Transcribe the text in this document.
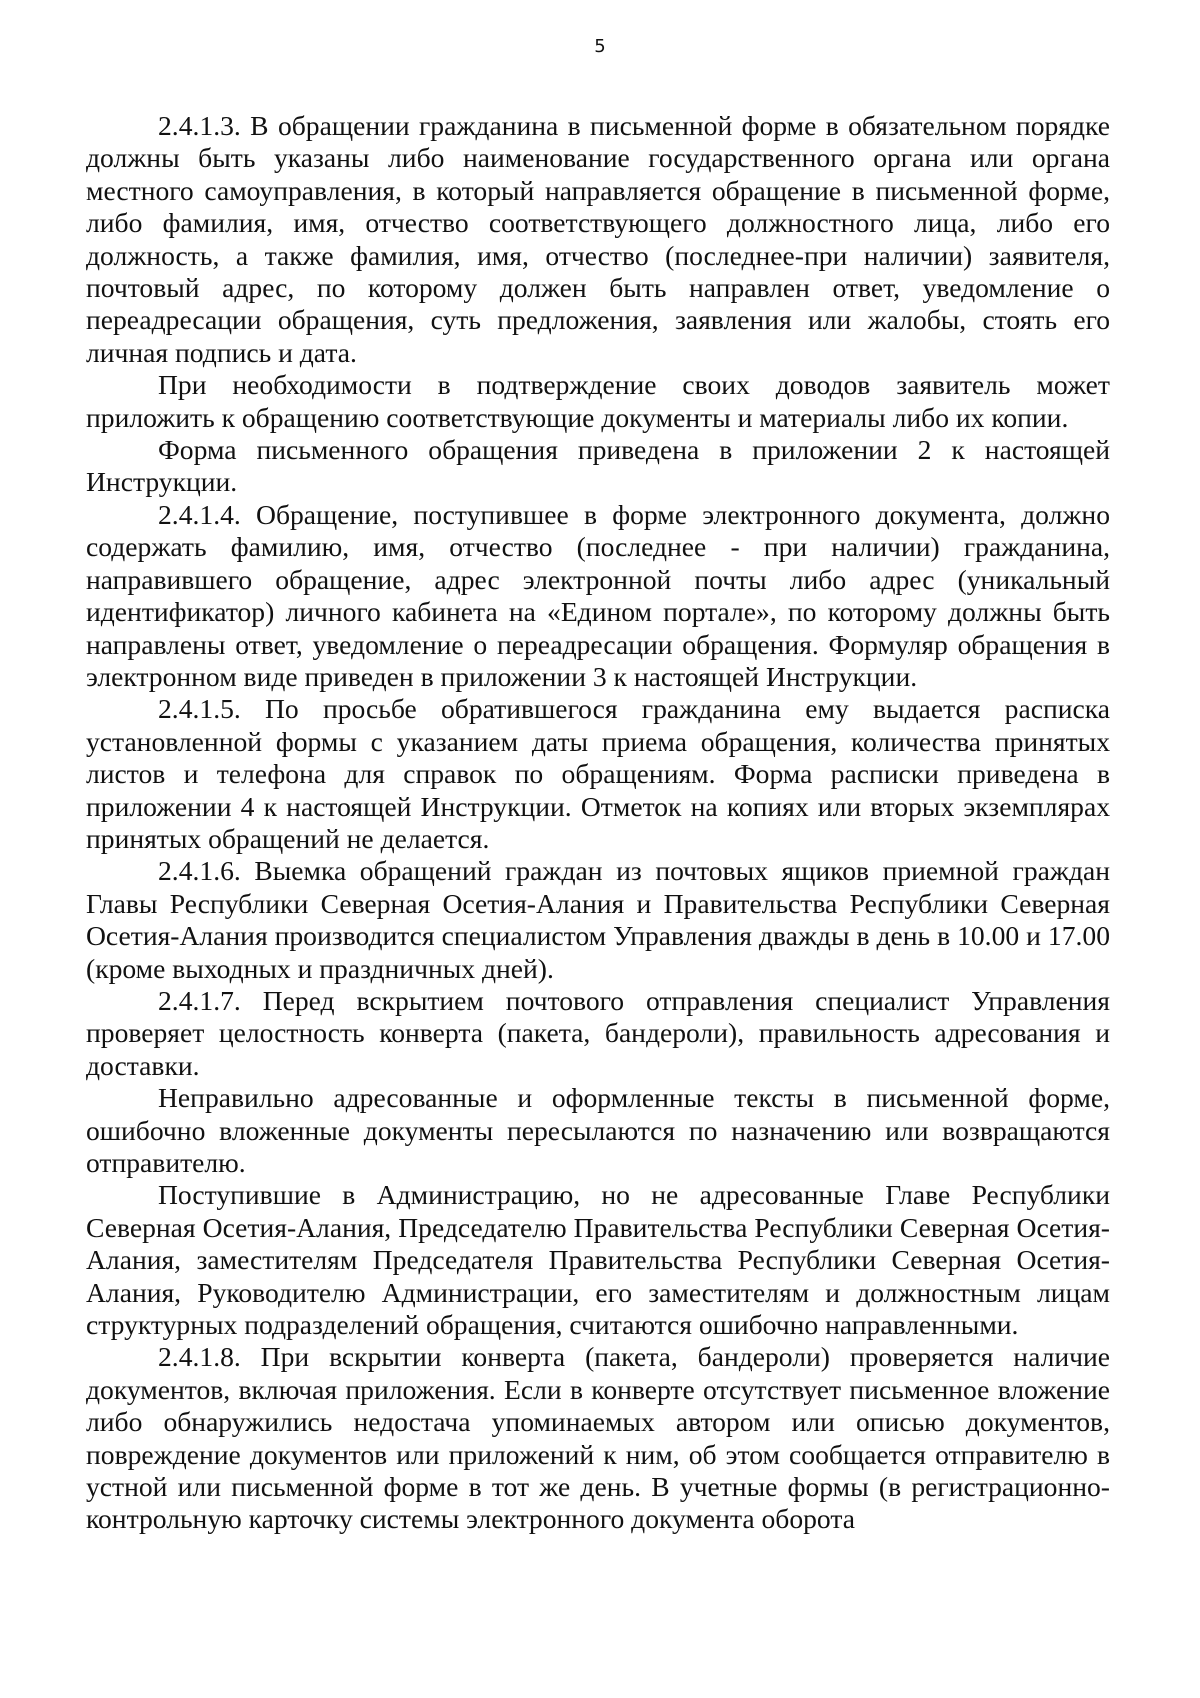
5

2.4.1.3. В обращении гражданина в письменной форме в обязательном порядке должны быть указаны либо наименование государственного органа или органа местного самоуправления, в который направляется обращение в письменной форме, либо фамилия, имя, отчество соответствующего должностного лица, либо его должность, а также фамилия, имя, отчество (последнее-при наличии) заявителя, почтовый адрес, по которому должен быть направлен ответ, уведомление о переадресации обращения, суть предложения, заявления или жалобы, стоять его личная подпись и дата.

При необходимости в подтверждение своих доводов заявитель может приложить к обращению соответствующие документы и материалы либо их копии.

Форма письменного обращения приведена в приложении 2 к настоящей Инструкции.

2.4.1.4. Обращение, поступившее в форме электронного документа, должно содержать фамилию, имя, отчество (последнее - при наличии) гражданина, направившего обращение, адрес электронной почты либо адрес (уникальный идентификатор) личного кабинета на «Едином портале», по которому должны быть направлены ответ, уведомление о переадресации обращения. Формуляр обращения в электронном виде приведен в приложении 3 к настоящей Инструкции.

2.4.1.5. По просьбе обратившегося гражданина ему выдается расписка установленной формы с указанием даты приема обращения, количества принятых листов и телефона для справок по обращениям. Форма расписки приведена в приложении 4 к настоящей Инструкции. Отметок на копиях или вторых экземплярах принятых обращений не делается.

2.4.1.6. Выемка обращений граждан из почтовых ящиков приемной граждан Главы Республики Северная Осетия-Алания и Правительства Республики Северная Осетия-Алания производится специалистом Управления дважды в день в 10.00 и 17.00 (кроме выходных и праздничных дней).

2.4.1.7. Перед вскрытием почтового отправления специалист Управления проверяет целостность конверта (пакета, бандероли), правильность адресования и доставки.

Неправильно адресованные и оформленные тексты в письменной форме, ошибочно вложенные документы пересылаются по назначению или возвращаются отправителю.

Поступившие в Администрацию, но не адресованные Главе Республики Северная Осетия-Алания, Председателю Правительства Республики Северная Осетия-Алания, заместителям Председателя Правительства Республики Северная Осетия-Алания, Руководителю Администрации, его заместителям и должностным лицам структурных подразделений обращения, считаются ошибочно направленными.

2.4.1.8. При вскрытии конверта (пакета, бандероли) проверяется наличие документов, включая приложения. Если в конверте отсутствует письменное вложение либо обнаружились недостача упоминаемых автором или описью документов, повреждение документов или приложений к ним, об этом сообщается отправителю в устной или письменной форме в тот же день. В учетные формы (в регистрационно-контрольную карточку системы электронного документа оборота
